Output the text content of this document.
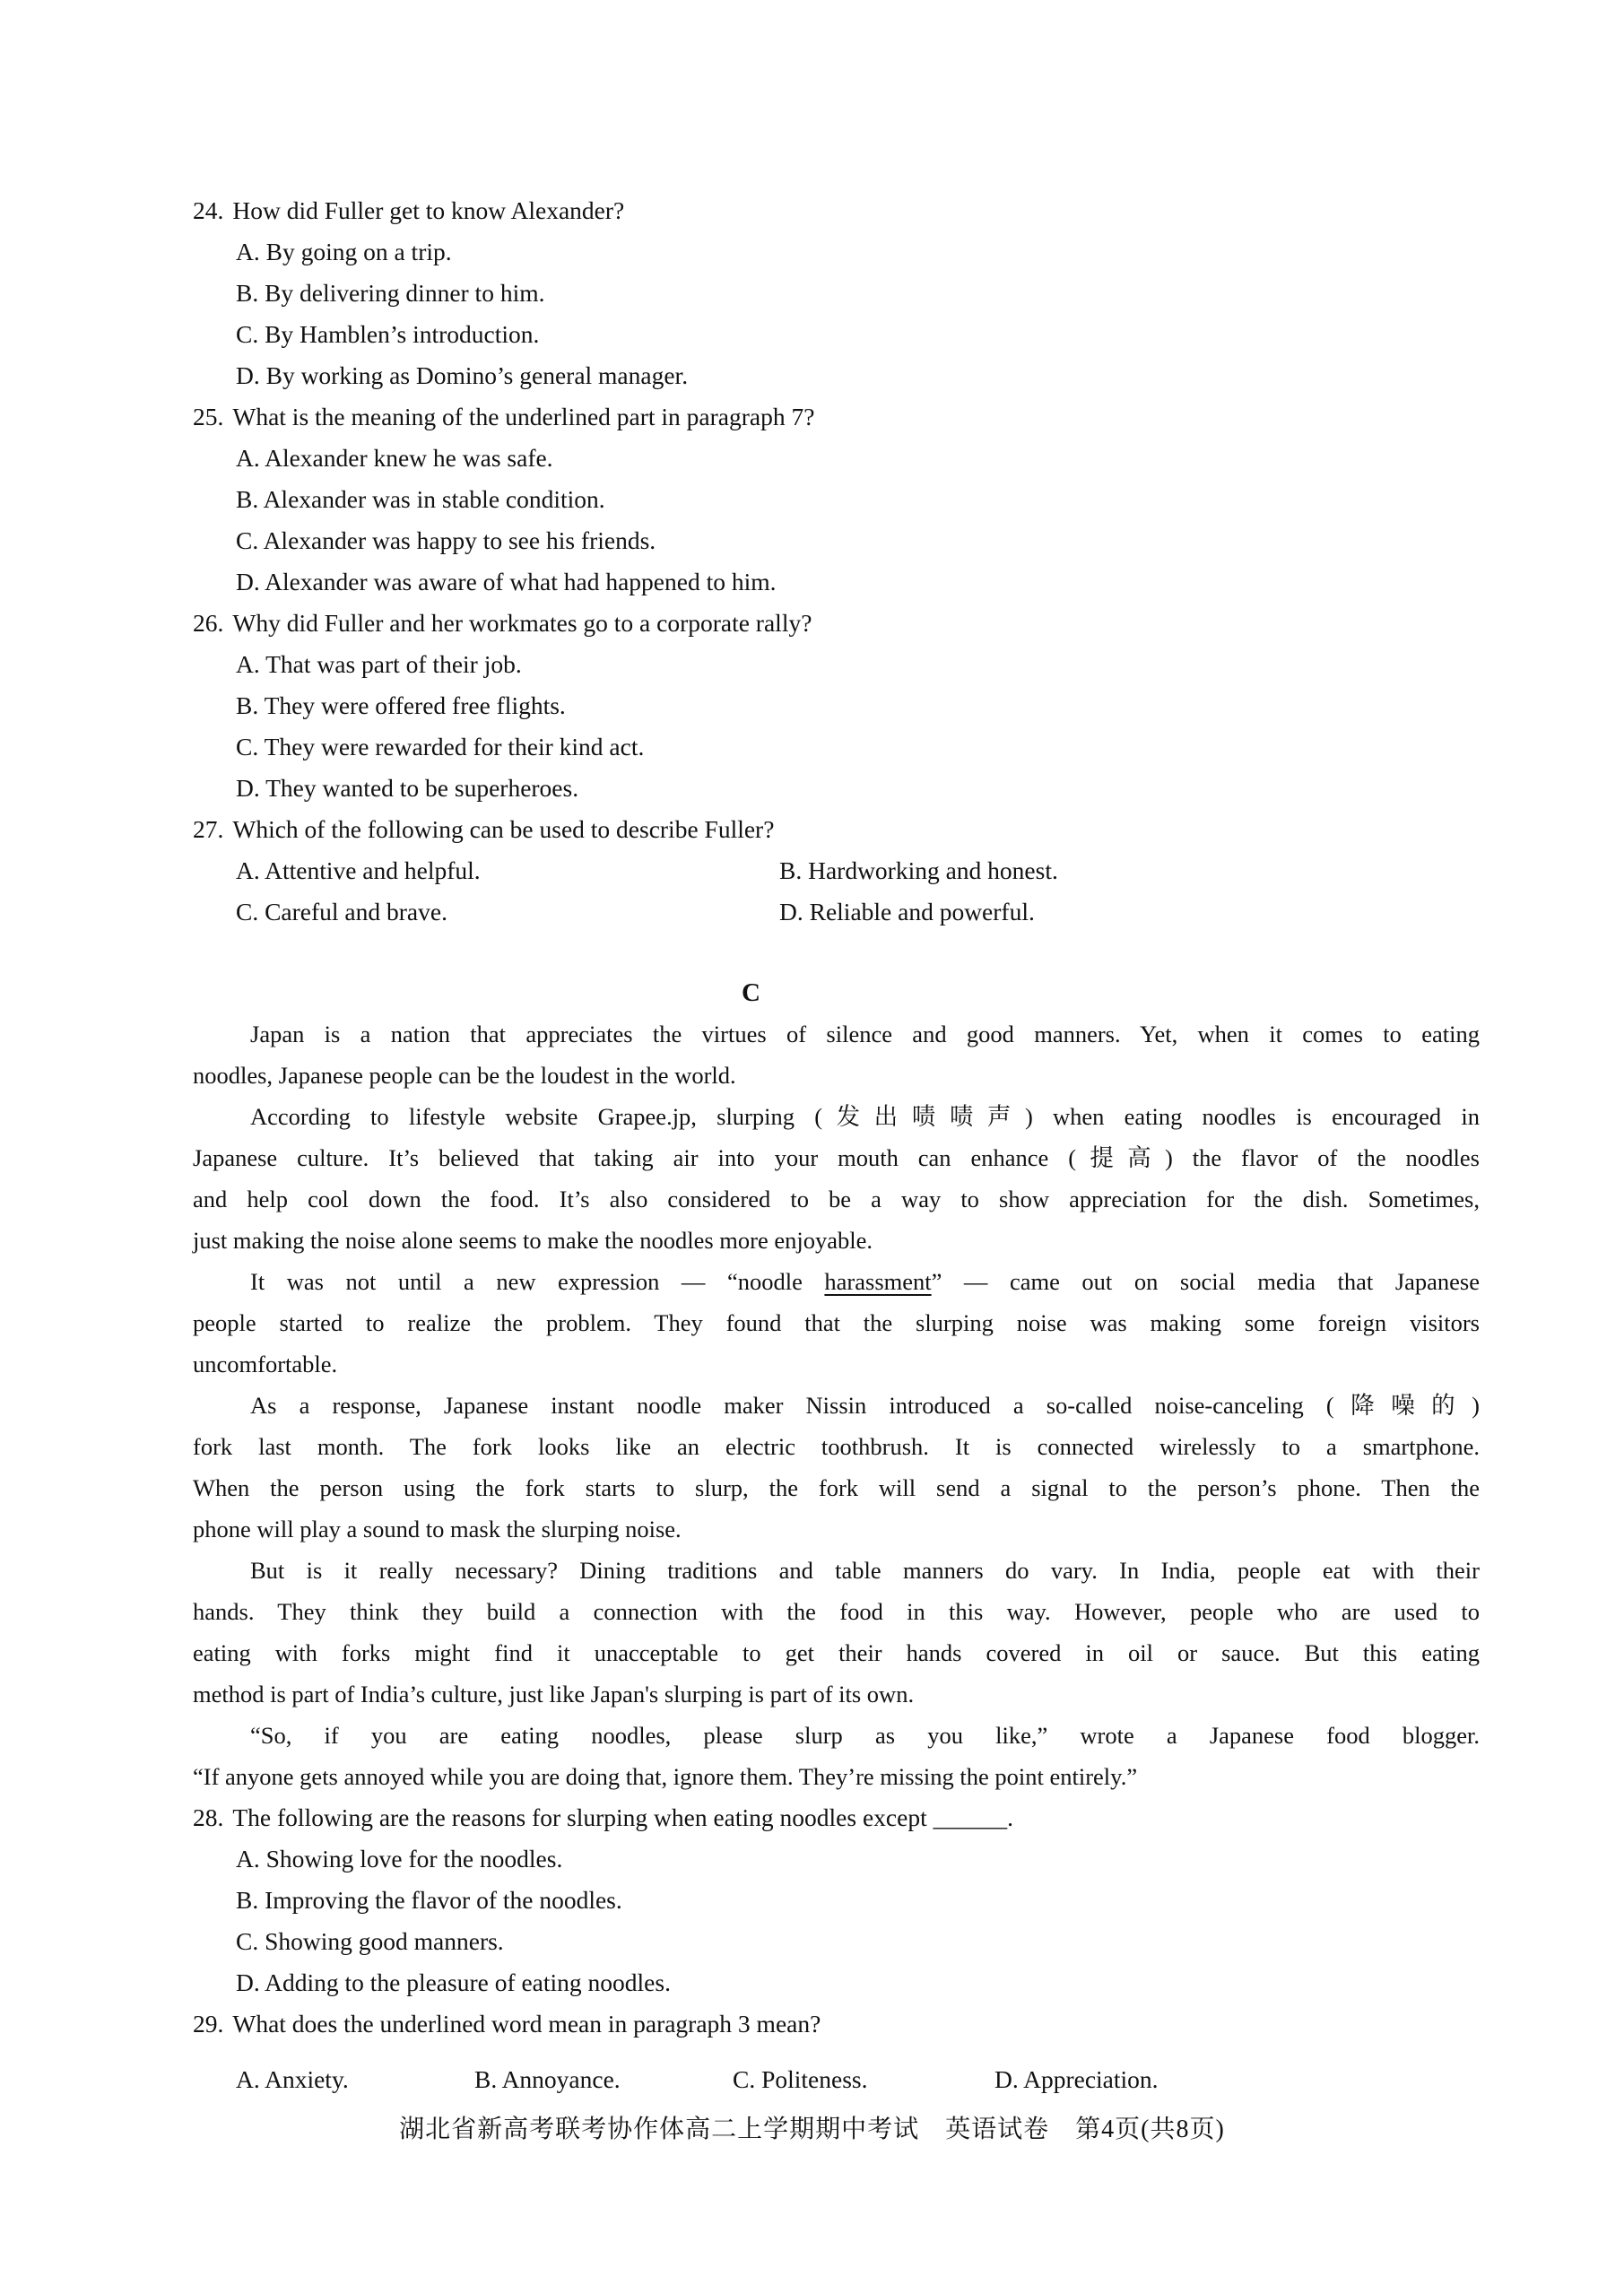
24. How did Fuller get to know Alexander?
A. By going on a trip.
B. By delivering dinner to him.
C. By Hamblen’s introduction.
D. By working as Domino’s general manager.
25. What is the meaning of the underlined part in paragraph 7?
A. Alexander knew he was safe.
B. Alexander was in stable condition.
C. Alexander was happy to see his friends.
D. Alexander was aware of what had happened to him.
26. Why did Fuller and her workmates go to a corporate rally?
A. That was part of their job.
B. They were offered free flights.
C. They were rewarded for their kind act.
D. They wanted to be superheroes.
27. Which of the following can be used to describe Fuller?
A. Attentive and helpful.	B. Hardworking and honest.
C. Careful and brave.	D. Reliable and powerful.
C
Japan is a nation that appreciates the virtues of silence and good manners. Yet, when it comes to eating
noodles, Japanese people can be the loudest in the world.
According to lifestyle website Grapee.jp, slurping (发出啧啧声) when eating noodles is encouraged in
Japanese culture. It’s believed that taking air into your mouth can enhance (提高) the flavor of the noodles
and help cool down the food. It’s also considered to be a way to show appreciation for the dish. Sometimes,
just making the noise alone seems to make the noodles more enjoyable.
It was not until a new expression — “noodle harassment” — came out on social media that Japanese
people started to realize the problem. They found that the slurping noise was making some foreign visitors
uncomfortable.
As a response, Japanese instant noodle maker Nissin introduced a so-called noise-canceling (降噪的)
fork last month. The fork looks like an electric toothbrush. It is connected wirelessly to a smartphone.
When the person using the fork starts to slurp, the fork will send a signal to the person’s phone. Then the
phone will play a sound to mask the slurping noise.
But is it really necessary? Dining traditions and table manners do vary. In India, people eat with their
hands. They think they build a connection with the food in this way. However, people who are used to
eating with forks might find it unacceptable to get their hands covered in oil or sauce. But this eating
method is part of India’s culture, just like Japan's slurping is part of its own.
“So, if you are eating noodles, please slurp as you like,” wrote a Japanese food blogger.
“If anyone gets annoyed while you are doing that, ignore them. They’re missing the point entirely.”
28. The following are the reasons for slurping when eating noodles except ______.
A. Showing love for the noodles.
B. Improving the flavor of the noodles.
C. Showing good manners.
D. Adding to the pleasure of eating noodles.
29. What does the underlined word mean in paragraph 3 mean?
A. Anxiety.	B. Annoyance.	C. Politeness.	D. Appreciation.
湖北省新高考联考协作体高二上学期期中考试　英语试卷　第4页(共8页)
